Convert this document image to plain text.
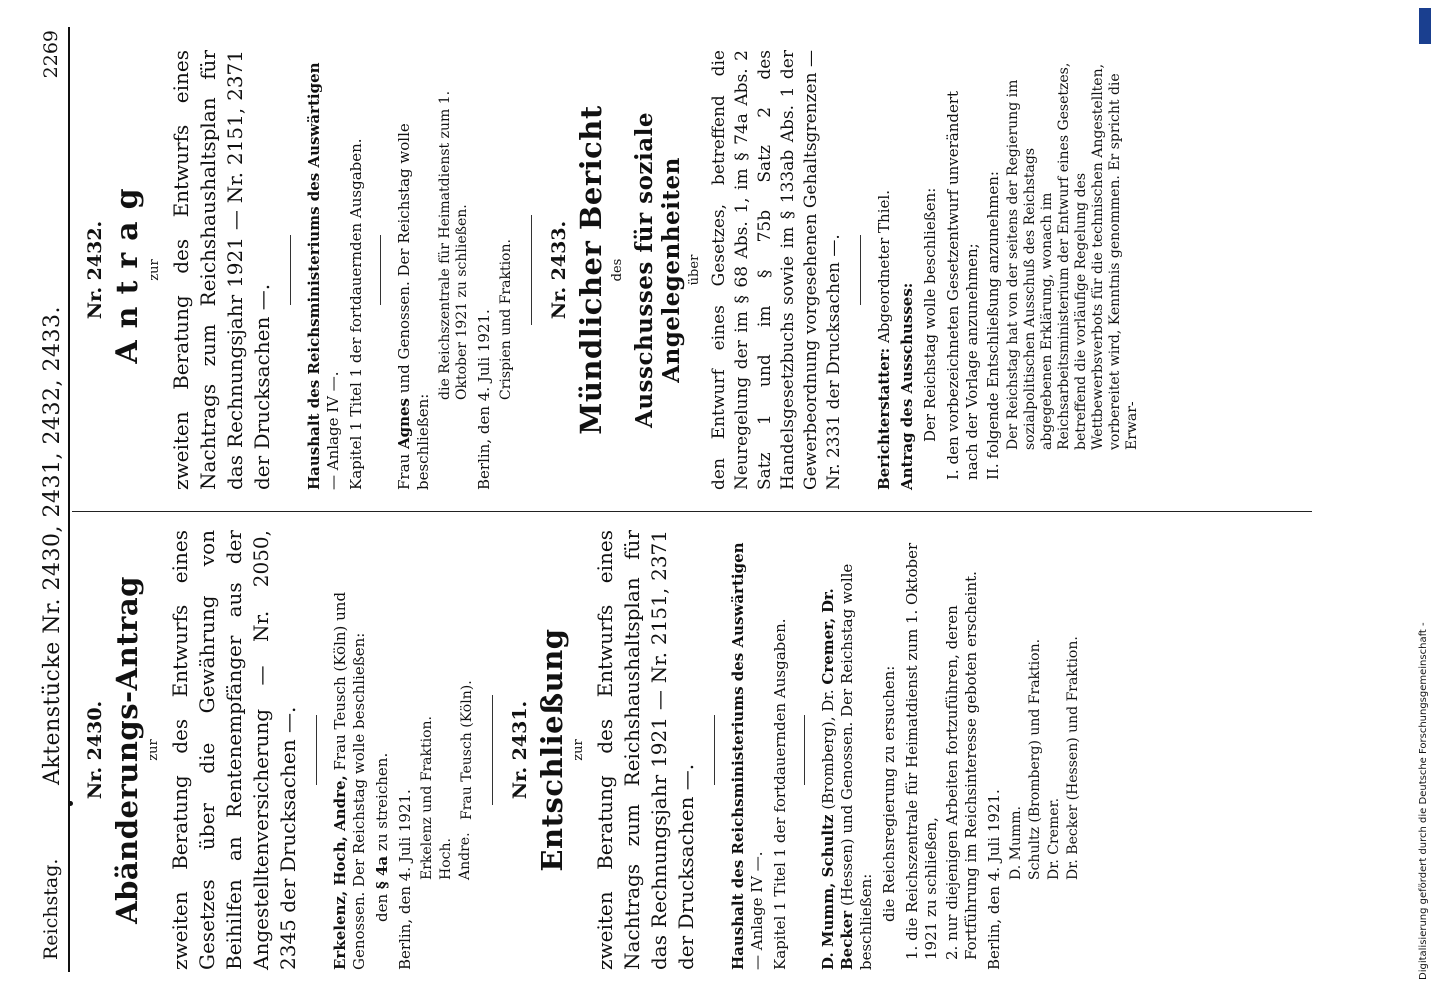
Reichstag.
Aktenstücke Nr. 2430, 2431, 2432, 2433.
2269
Nr. 2430. Abänderungs-Antrag zur zweiten Beratung des Entwurfs eines Gesetzes über die Gewährung von Beihilfen an Rentenempfänger aus der Angestelltenversicherung — Nr. 2050, 2345 der Drucksachen —. Erkelenz, Hoch, Andre, Frau Teusch (Köln) und Genossen. Der Reichstag wolle beschließen: den § 4a zu streichen. Berlin, den 4. Juli 1921. Erkelenz und Fraktion. Hoch. Andre.
Frau Teusch (Köln). Nr. 2431. Entschließung zur zweiten Beratung des Entwurfs eines Nachtrags zum Reichshaushaltsplan für das Rechnungsjahr 1921 — Nr. 2151, 2371 der Drucksachen —. Haushalt des Reichsministeriums des Auswärtigen — Anlage IV —. Kapitel 1 Titel 1 der fortdauernden Ausgaben. D. Mumm, Schultz (Bromberg), Dr. Cremer, Dr. Becker (Hessen) und Genossen. Der Reichstag wolle beschließen: die Reichsregierung zu ersuchen: 1. die Reichszentrale für Heimatdienst zum 1. Oktober 1921 zu schließen, 2. nur diejenigen Arbeiten fortzuführen, deren Fortführung im Reichsinteresse geboten erscheint. Berlin, den 4. Juli 1921. D. Mumm. Schultz (Bromberg) und Fraktion. Dr. Cremer. Dr. Becker (Hessen) und Fraktion.
Nr. 2432. Antrag zur zweiten Beratung des Entwurfs eines Nachtrags zum Reichshaushaltsplan für das Rechnungsjahr 1921 — Nr. 2151, 2371 der Drucksachen —. Haushalt des Reichsministeriums des Auswärtigen — Anlage IV —. Kapitel 1 Titel 1 der fortdauernden Ausgaben. Frau Agnes und Genossen. Der Reichstag wolle beschließen:
die Reichszentrale für Heimatdienst zum 1. Oktober 1921 zu schließen. Berlin, den 4. Juli 1921. Crispien und Fraktion. Nr. 2433. Mündlicher Bericht des Ausschusses für soziale Angelegenheiten über den Entwurf eines Gesetzes, betreffend die Neuregelung der im § 68 Abs. 1, im § 74a Abs. 2 Satz 1 und im § 75b Satz 2 des Handelsgesetzbuchs sowie im § 133ab Abs. 1 der Gewerbeordnung vorgesehenen Gehaltsgrenzen — Nr. 2331 der Drucksachen —. Berichterstatter: Abgeordneter Thiel.
Antrag des Ausschusses: Der Reichstag wolle beschließen: I. den vorbezeichneten Gesetzentwurf unverändert nach der Vorlage anzunehmen; II. folgende Entschließung anzunehmen: Der Reichstag hat von der seitens der Regierung im sozialpolitischen Ausschuß des Reichstags abgegebenen Erklärung, wonach im Reichsarbeitsministerium der Entwurf eines Gesetzes, betreffend die vorläufige Regelung des Wettbewerbsverbots für die technischen Angestellten, vorbereitet wird, Kenntnis genommen. Er spricht die Erwar-
Digitalisierung gefördert durch die Deutsche Forschungsgemeinschaft -
